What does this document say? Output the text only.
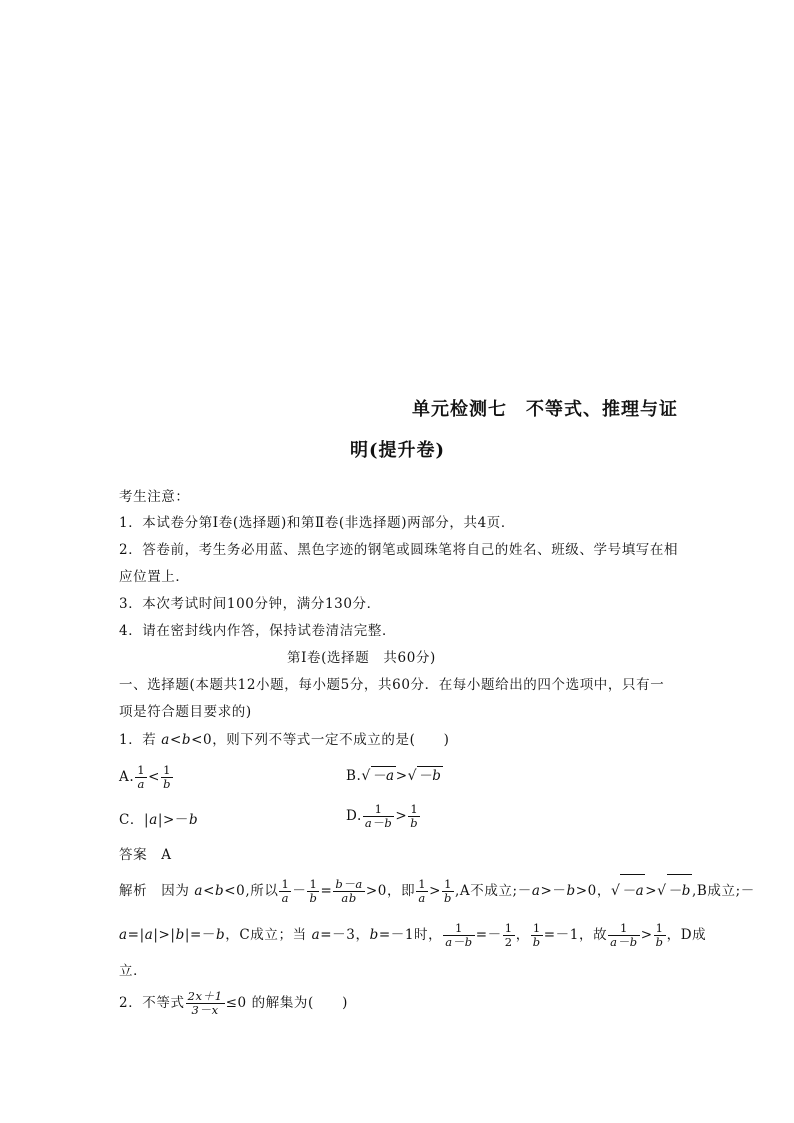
单元检测七　不等式、推理与证
明(提升卷)
考生注意：
1．本试卷分第Ⅰ卷(选择题)和第Ⅱ卷(非选择题)两部分，共4页．
2．答卷前，考生务必用蓝、黑色字迹的钢笔或圆珠笔将自己的姓名、班级、学号填写在相
应位置上．
3．本次考试时间100分钟，满分130分．
4．请在密封线内作答，保持试卷清洁完整．
第Ⅰ卷(选择题　共60分)
一、选择题(本题共12小题，每小题5分，共60分．在每小题给出的四个选项中，只有一
项是符合题目要求的)
1．若 a<b<0，则下列不等式一定不成立的是(　　)
A. $\frac{1}{a} < \frac{1}{b}$	B.√－a>√－b
C．|a|>－b	D. $\frac{1}{a-b} > \frac{1}{b}$
答案　A
解析　因为 a<b<0,所以 $\frac{1}{a} - \frac{1}{b} = \frac{b-a}{ab} >0$，即 $\frac{1}{a} > \frac{1}{b} ,A$不成立;－a>－b>0，√－a>√－b,B成立;－
a=|a|>|b|=－b，C成立；当 a=－3，b=－1时， $\frac{1}{a-b} =- \frac{1}{2}$ ， $\frac{1}{b} =-1$，故 $\frac{1}{a-b} > \frac{1}{b}$ ，D成
立．
2．不等式 $\frac{2x+1}{3-x} \le 0$ 的解集为(　　)
